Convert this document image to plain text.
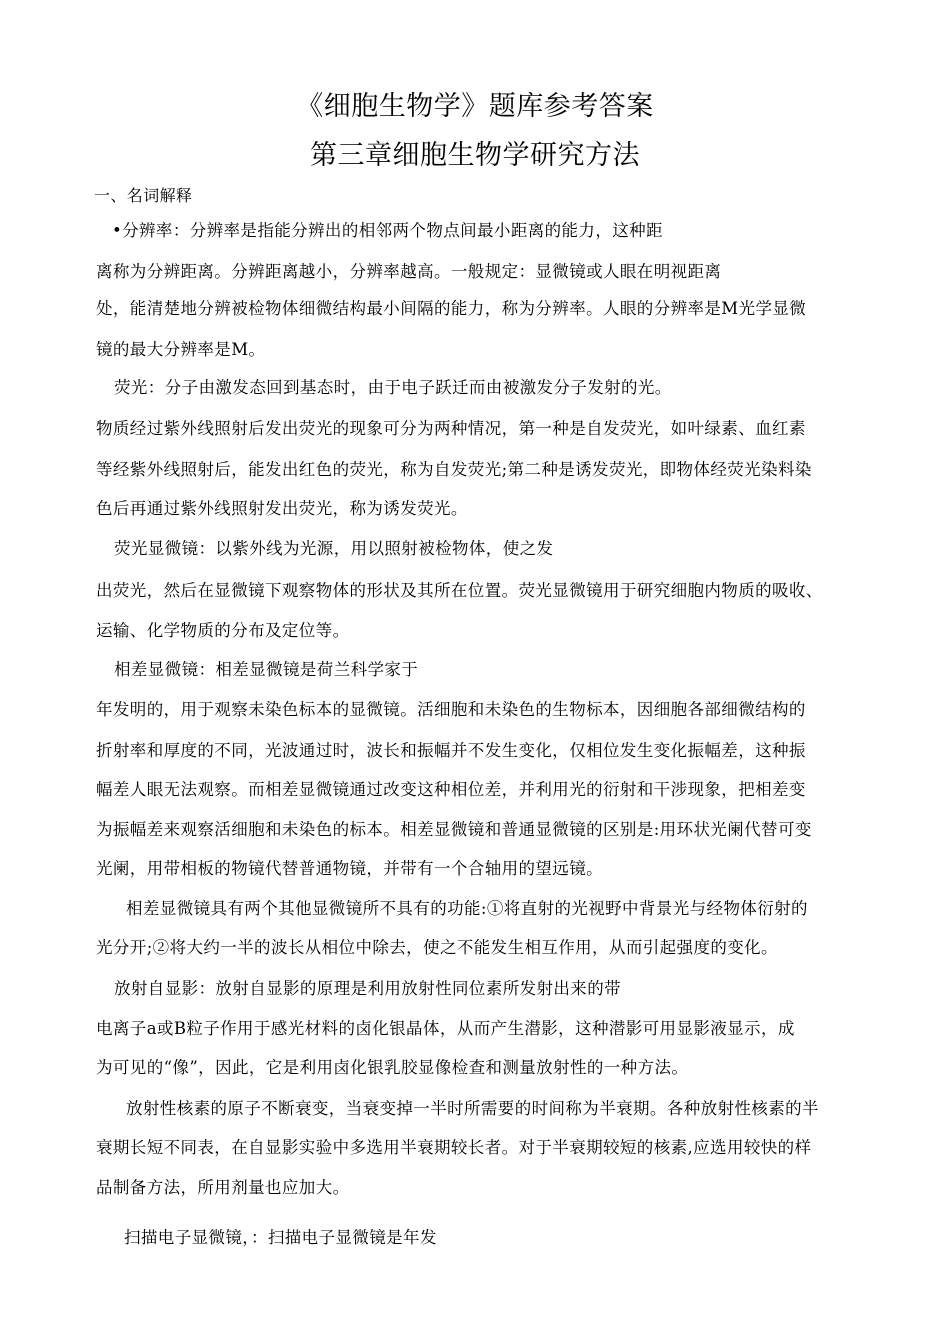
《细胞生物学》题库参考答案
第三章细胞生物学研究方法
一、名词解释
•分辨率：分辨率是指能分辨出的相邻两个物点间最小距离的能力，这种距
离称为分辨距离。分辨距离越小，分辨率越高。一般规定：显微镜或人眼在明视距离
处，能清楚地分辨被检物体细微结构最小间隔的能力，称为分辨率。人眼的分辨率是M光学显微
镜的最大分辨率是M。
荧光：分子由激发态回到基态时，由于电子跃迁而由被激发分子发射的光。
物质经过紫外线照射后发出荧光的现象可分为两种情况，第一种是自发荧光，如叶绿素、血红素
等经紫外线照射后，能发出红色的荧光，称为自发荧光;第二种是诱发荧光，即物体经荧光染料染
色后再通过紫外线照射发出荧光，称为诱发荧光。
荧光显微镜：以紫外线为光源，用以照射被检物体，使之发
出荧光，然后在显微镜下观察物体的形状及其所在位置。荧光显微镜用于研究细胞内物质的吸收、
运输、化学物质的分布及定位等。
相差显微镜：相差显微镜是荷兰科学家于
年发明的，用于观察未染色标本的显微镜。活细胞和未染色的生物标本，因细胞各部细微结构的
折射率和厚度的不同，光波通过时，波长和振幅并不发生变化，仅相位发生变化振幅差，这种振
幅差人眼无法观察。而相差显微镜通过改变这种相位差，并利用光的衍射和干涉现象，把相差变
为振幅差来观察活细胞和未染色的标本。相差显微镜和普通显微镜的区别是:用环状光阑代替可变
光阑，用带相板的物镜代替普通物镜，并带有一个合轴用的望远镜。
相差显微镜具有两个其他显微镜所不具有的功能:①将直射的光视野中背景光与经物体衍射的
光分开;②将大约一半的波长从相位中除去，使之不能发生相互作用，从而引起强度的变化。
放射自显影：放射自显影的原理是利用放射性同位素所发射出来的带
电离子a或B粒子作用于感光材料的卤化银晶体，从而产生潜影，这种潜影可用显影液显示，成
为可见的“像”，因此，它是利用卤化银乳胶显像检查和测量放射性的一种方法。
放射性核素的原子不断衰变，当衰变掉一半时所需要的时间称为半衰期。各种放射性核素的半
衰期长短不同表，在自显影实验中多选用半衰期较长者。对于半衰期较短的核素,应选用较快的样
品制备方法，所用剂量也应加大。
扫描电子显微镜，：扫描电子显微镜是年发
